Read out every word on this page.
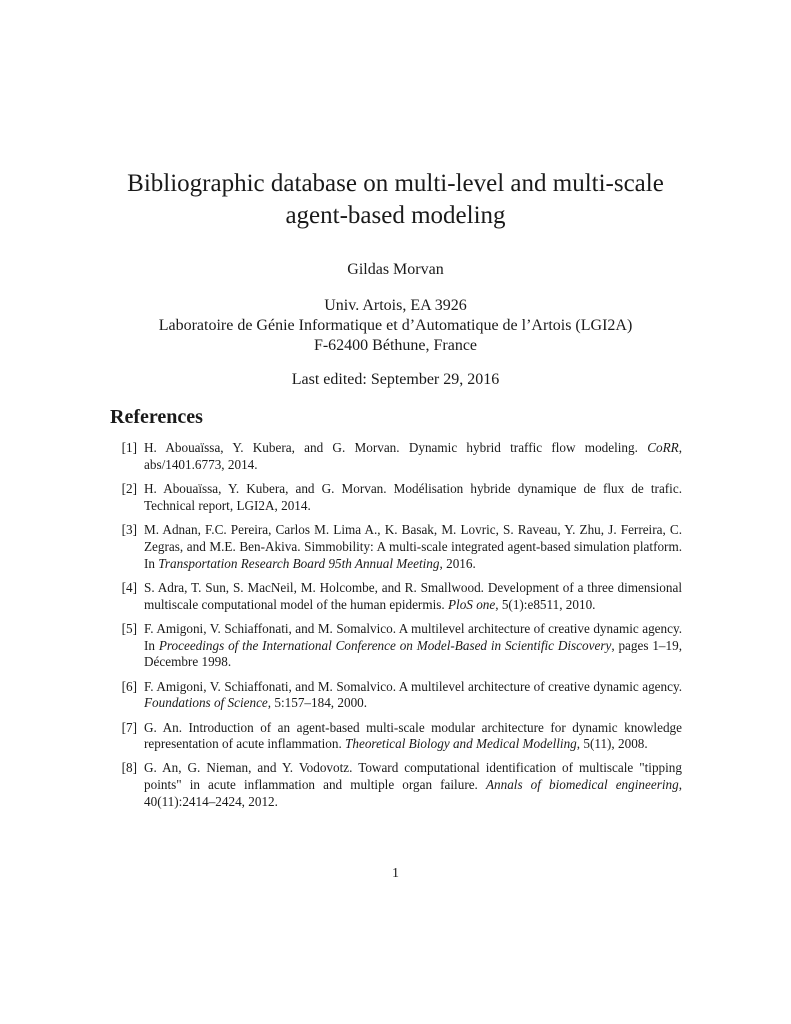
Bibliographic database on multi-level and multi-scale
agent-based modeling
Gildas Morvan
Univ. Artois, EA 3926
Laboratoire de Génie Informatique et d’Automatique de l’Artois (LGI2A)
F-62400 Béthune, France
Last edited: September 29, 2016
References
[1] H. Abouaïssa, Y. Kubera, and G. Morvan. Dynamic hybrid traffic flow modeling. CoRR, abs/1401.6773, 2014.
[2] H. Abouaïssa, Y. Kubera, and G. Morvan. Modélisation hybride dynamique de flux de trafic. Technical report, LGI2A, 2014.
[3] M. Adnan, F.C. Pereira, Carlos M. Lima A., K. Basak, M. Lovric, S. Raveau, Y. Zhu, J. Ferreira, C. Zegras, and M.E. Ben-Akiva. Simmobility: A multi-scale integrated agent-based simulation platform. In Transportation Research Board 95th Annual Meeting, 2016.
[4] S. Adra, T. Sun, S. MacNeil, M. Holcombe, and R. Smallwood. Development of a three dimensional multiscale computational model of the human epidermis. PloS one, 5(1):e8511, 2010.
[5] F. Amigoni, V. Schiaffonati, and M. Somalvico. A multilevel architecture of creative dynamic agency. In Proceedings of the International Conference on Model-Based in Scientific Discovery, pages 1–19, Décembre 1998.
[6] F. Amigoni, V. Schiaffonati, and M. Somalvico. A multilevel architecture of creative dynamic agency. Foundations of Science, 5:157–184, 2000.
[7] G. An. Introduction of an agent-based multi-scale modular architecture for dynamic knowledge representation of acute inflammation. Theoretical Biology and Medical Modelling, 5(11), 2008.
[8] G. An, G. Nieman, and Y. Vodovotz. Toward computational identification of multiscale "tipping points" in acute inflammation and multiple organ failure. Annals of biomedical engineering, 40(11):2414–2424, 2012.
1
